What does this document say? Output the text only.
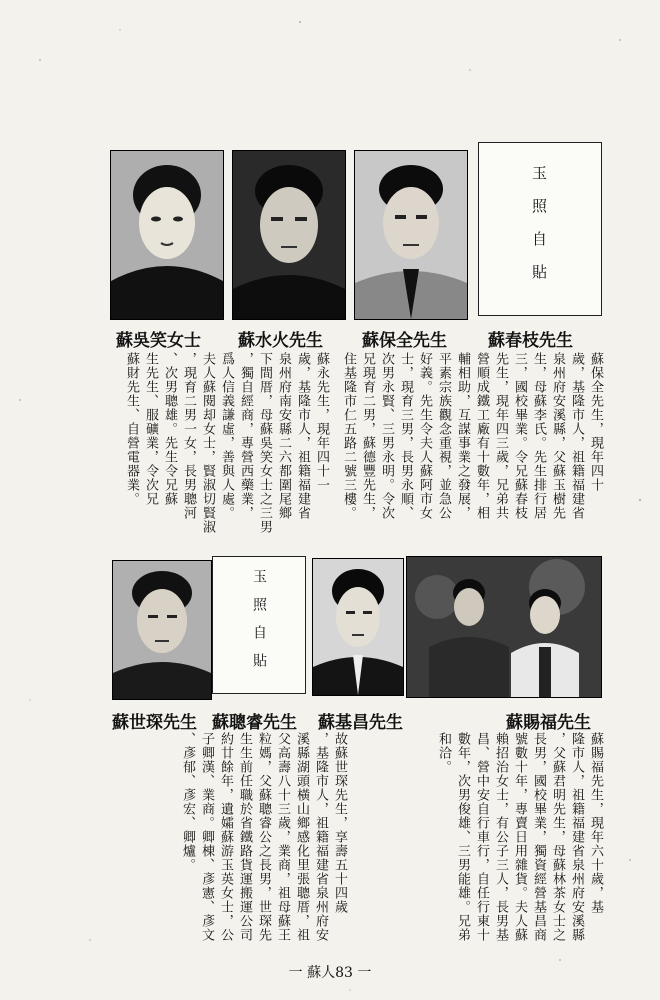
玉照自貼
蘇春枝先生
蘇保全先生
蘇水火先生
蘇吳笑女士
蘇保全先生，現年四十
歲，基隆市人，祖籍福建省
泉州府安溪縣，父蘇玉樹先
生，母蘇李氏。先生排行居
三，國校畢業。令兄蘇春枝
先生，現年四三歲，兄弟共
營順成鐵工廠有十數年，相
輔相助，互謀事業之發展，
平素宗族觀念重視，並急公
好義。先生令夫人蘇阿市女
士，現育三男，長男永順、
次男永賢、三男永明。令次
兄現育二男，蘇德豐先生，
住基隆市仁五路二號三樓。
蘇永先生，現年四十一
歲，基隆市人，祖籍福建省
泉州府南安縣二六都圍尾鄉
下間厝，母蘇吳笑女士之三男
，獨自經商，專營西藥業，
爲人信義謙虛，善與人處。
夫人蘇閱却女士，賢淑切賢淑
，現育二男一女，長男聰河
、次男聰雄。先生令兄蘇
生先生、服礦業，令次兄
蘇財先生、自營電器業。
玉照自貼
蘇賜福先生
蘇基昌先生
蘇聰睿先生
蘇世琛先生
蘇賜福先生，現年六十歲，基
隆市人，祖籍福建省泉州府安溪縣
，父蘇君明先生，母蘇林茶女士之
長男，國校畢業，獨資經營基昌商
號數十年，專賣日用雜貨。夫人蘇
賴招治女士，有公子三人，長男基
昌、營中安自行車行，自任行東十
數年，次男俊雄、三男能雄。兄弟
和洽。
故蘇世琛先生，享壽五十四歲
，基隆市人，祖籍福建省泉州府安
溪縣湖頭橫山鄉感化里張聰厝，祖
父高壽八十三歲，業商，祖母蘇王
粒媽，父蘇聰睿公之長男，世琛先
生生前任職於省鐵路貨運搬運公司
約廿餘年，遺孀蘇游玉英女士，公
子卿漢、業商。卿棟、彥憲、彥文
、彥郁、彥宏、卿爐。
一 蘇人83 一
